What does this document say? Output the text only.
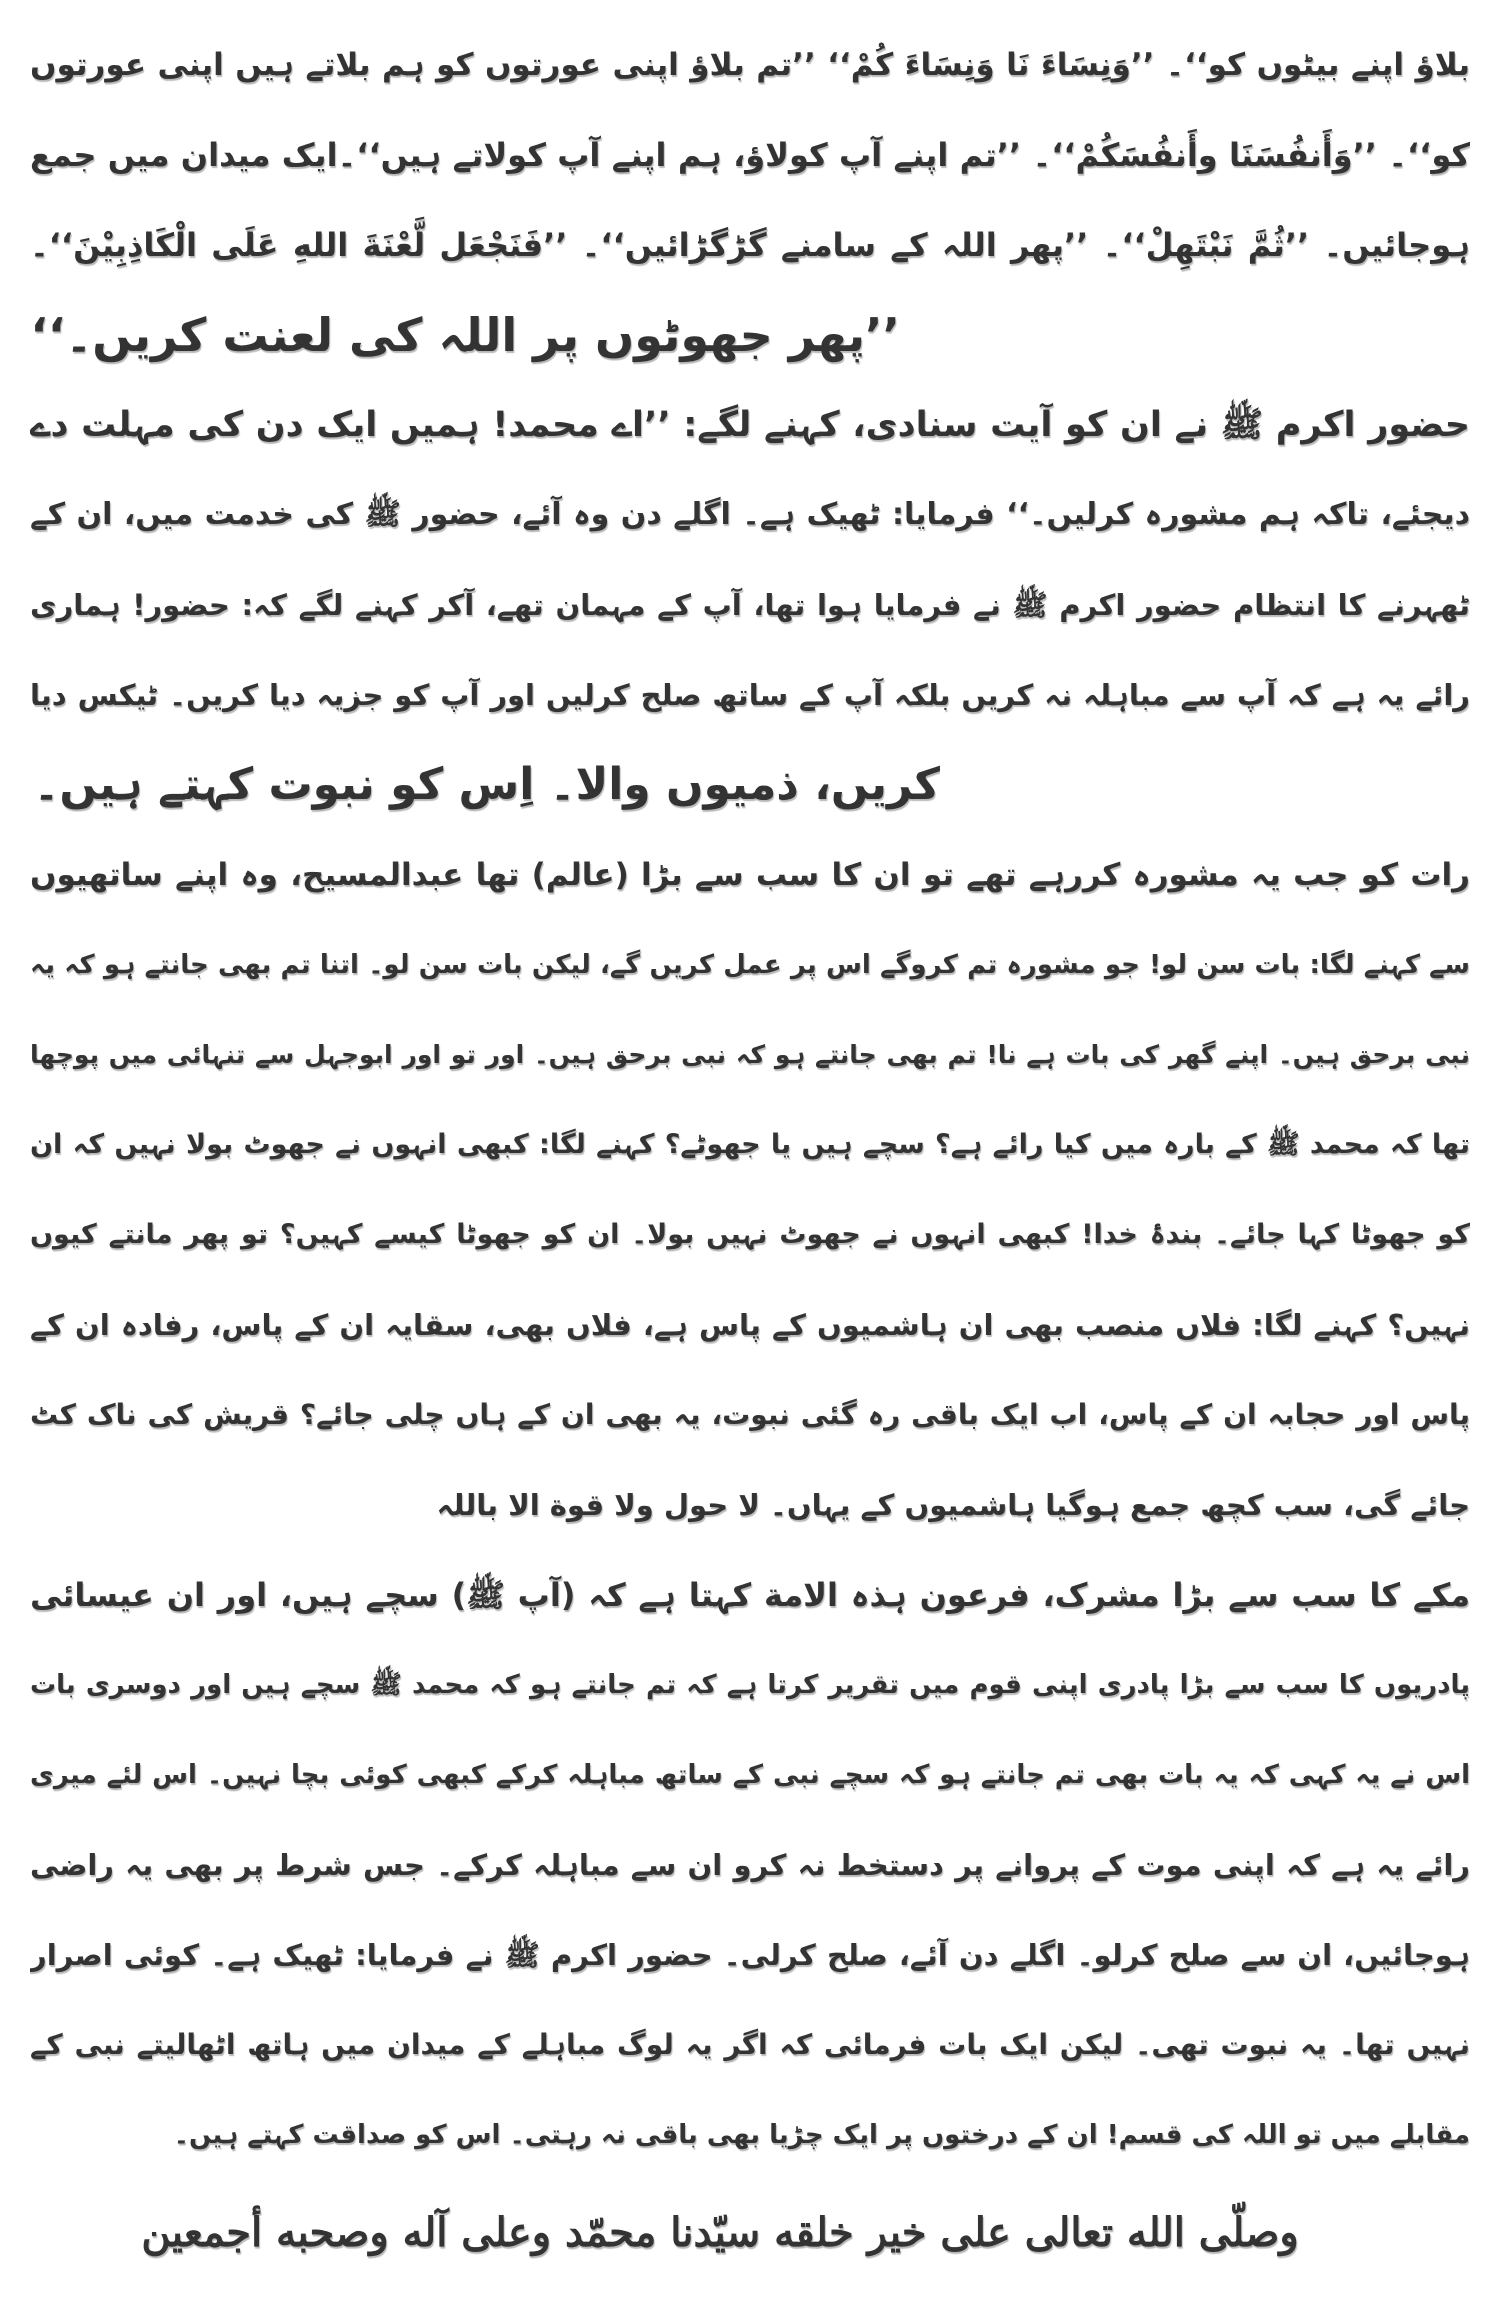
بلاؤ اپنے بیٹوں کو‘‘۔ ’’وَنِسَاءَ نَا وَنِسَاءَ كُمْ‘‘ ’’تم بلاؤ اپنی عورتوں کو ہم بلاتے ہیں اپنی عورتوں
کو‘‘۔ ’’وَأَنفُسَنَا وأَنفُسَكُمْ‘‘۔ ’’تم اپنے آپ کولاؤ، ہم اپنے آپ کولاتے ہیں‘‘۔ایک میدان میں جمع
ہوجائیں۔ ’’ثُمَّ نَبْتَهِلْ‘‘۔ ’’پھر اللہ کے سامنے گڑگڑائیں‘‘۔ ’’فَنَجْعَل لَّعْنَةَ اللهِ عَلَى الْكَاذِبِيْنَ‘‘۔
’’پھر جھوٹوں پر اللہ کی لعنت کریں۔‘‘
حضور اکرم ﷺ نے ان کو آیت سنادی، کہنے لگے: ’’اے محمد! ہمیں ایک دن کی مہلت دے
دیجئے، تاکہ ہم مشورہ کرلیں۔‘‘ فرمایا: ٹھیک ہے۔ اگلے دن وہ آئے، حضور ﷺ کی خدمت میں، ان کے
ٹھہرنے کا انتظام حضور اکرم ﷺ نے فرمایا ہوا تھا، آپ کے مہمان تھے، آکر کہنے لگے کہ: حضور! ہماری
رائے یہ ہے کہ آپ سے مباہلہ نہ کریں بلکہ آپ کے ساتھ صلح کرلیں اور آپ کو جزیہ دیا کریں۔ ٹیکس دیا
کریں، ذمیوں والا۔ اِس کو نبوت کہتے ہیں۔
رات کو جب یہ مشورہ کررہے تھے تو ان کا سب سے بڑا (عالم) تھا عبدالمسیح، وہ اپنے ساتھیوں
سے کہنے لگا: بات سن لو! جو مشورہ تم کروگے اس پر عمل کریں گے، لیکن بات سن لو۔ اتنا تم بھی جانتے ہو کہ یہ
نبی برحق ہیں۔ اپنے گھر کی بات ہے نا! تم بھی جانتے ہو کہ نبی برحق ہیں۔ اور تو اور ابوجہل سے تنہائی میں پوچھا
تھا کہ محمد ﷺ کے بارہ میں کیا رائے ہے؟ سچے ہیں یا جھوٹے؟ کہنے لگا: کبھی انہوں نے جھوٹ بولا نہیں کہ ان
کو جھوٹا کہا جائے۔ بندۂ خدا! کبھی انہوں نے جھوٹ نہیں بولا۔ ان کو جھوٹا کیسے کہیں؟ تو پھر مانتے کیوں
نہیں؟ کہنے لگا: فلاں منصب بھی ان ہاشمیوں کے پاس ہے، فلاں بھی، سقایہ ان کے پاس، رفادہ ان کے
پاس اور حجابہ ان کے پاس، اب ایک باقی رہ گئی نبوت، یہ بھی ان کے ہاں چلی جائے؟ قریش کی ناک کٹ
جائے گی، سب کچھ جمع ہوگیا ہاشمیوں کے یہاں۔ لا حول ولا قوة الا باللہ
مکے کا سب سے بڑا مشرک، فرعون ہذہ الامة کہتا ہے کہ (آپ ﷺ) سچے ہیں، اور ان عیسائی
پادریوں کا سب سے بڑا پادری اپنی قوم میں تقریر کرتا ہے کہ تم جانتے ہو کہ محمد ﷺ سچے ہیں اور دوسری بات
اس نے یہ کہی کہ یہ بات بھی تم جانتے ہو کہ سچے نبی کے ساتھ مباہلہ کرکے کبھی کوئی بچا نہیں۔ اس لئے میری
رائے یہ ہے کہ اپنی موت کے پروانے پر دستخط نہ کرو ان سے مباہلہ کرکے۔ جس شرط پر بھی یہ راضی
ہوجائیں، ان سے صلح کرلو۔ اگلے دن آئے، صلح کرلی۔ حضور اکرم ﷺ نے فرمایا: ٹھیک ہے۔ کوئی اصرار
نہیں تھا۔ یہ نبوت تھی۔ لیکن ایک بات فرمائی کہ اگر یہ لوگ مباہلے کے میدان میں ہاتھ اٹھالیتے نبی کے
مقابلے میں تو اللہ کی قسم! ان کے درختوں پر ایک چڑیا بھی باقی نہ رہتی۔ اس کو صداقت کہتے ہیں۔
وصلّى الله تعالى على خير خلقه سيّدنا محمّد وعلى آله وصحبه أجمعين
